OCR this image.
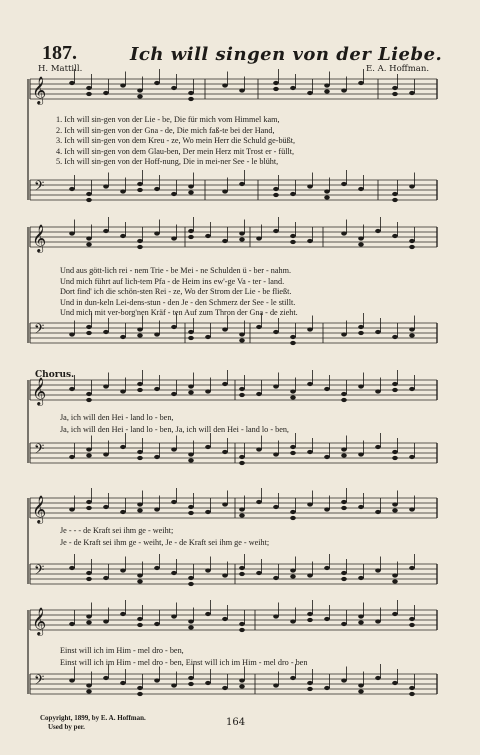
187.	Ich will singen von der Liebe.
H. Mattill.	E. A. Hoffman.
𝄞
𝄢
𝄞
𝄢
𝄞
𝄢
𝄞
𝄢
𝄞
𝄢
1. Ich will sin-gen von der Lie - be, Die für mich vom Himmel kam,
2. Ich will sin-gen von der Gna - de, Die mich faß-te bei der Hand,
3. Ich will sin-gen von dem Kreu - ze, Wo mein Herr die Schuld ge-büßt,
4. Ich will sin-gen von dem Glau-ben, Der mein Herz mit Trost er - füllt,
5. Ich will sin-gen von der Hoff-nung, Die in mei-ner See - le blüht,
Und aus gött-lich rei - nem Trie - be Mei - ne Schulden ü - ber - nahm.
Und mich führt auf lich-tem Pfa - de Heim ins ew'-ge Va - ter - land.
Dort find' ich die schön-sten Rei - ze, Wo der Strom der Lie - be fließt.
Und in dun-keln Lei-dens-stun - den Je - den Schmerz der See - le stillt.
Und mich mit ver-borg'nen Kräf - ten Auf zum Thron der Gna - de zieht.
Chorus.
Ja, ich will den Hei - land lo - ben,
Ja, ich will den Hei - land lo - ben, Ja, ich will den Hei - land lo - ben,
Je - - - de Kraft sei ihm ge - weiht;
Je - de Kraft sei ihm ge - weiht, Je - de Kraft sei ihm ge - weiht;
Einst will ich im Him - mel dro - ben,
Einst will ich im Him - mel dro - ben, Einst will ich im Him - mel dro - ben
Copyright, 1899, by E. A. Hoffman.
Used by per.	164
